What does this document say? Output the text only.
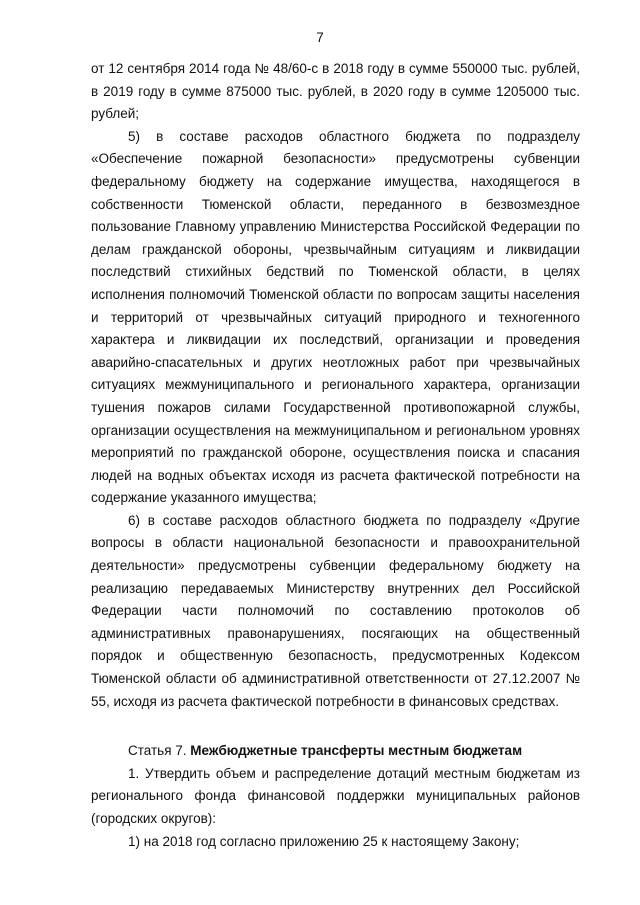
7

от 12 сентября 2014 года № 48/60-с в 2018 году в сумме 550000 тыс. рублей, в 2019 году в сумме 875000 тыс. рублей, в 2020 году в сумме 1205000 тыс. рублей;

5) в составе расходов областного бюджета по подразделу «Обеспечение пожарной безопасности» предусмотрены субвенции федеральному бюджету на содержание имущества, находящегося в собственности Тюменской области, переданного в безвозмездное пользование Главному управлению Министерства Российской Федерации по делам гражданской обороны, чрезвычайным ситуациям и ликвидации последствий стихийных бедствий по Тюменской области, в целях исполнения полномочий Тюменской области по вопросам защиты населения и территорий от чрезвычайных ситуаций природного и техногенного характера и ликвидации их последствий, организации и проведения аварийно-спасательных и других неотложных работ при чрезвычайных ситуациях межмуниципального и регионального характера, организации тушения пожаров силами Государственной противопожарной службы, организации осуществления на межмуниципальном и региональном уровнях мероприятий по гражданской обороне, осуществления поиска и спасания людей на водных объектах исходя из расчета фактической потребности на содержание указанного имущества;

6) в составе расходов областного бюджета по подразделу «Другие вопросы в области национальной безопасности и правоохранительной деятельности» предусмотрены субвенции федеральному бюджету на реализацию передаваемых Министерству внутренних дел Российской Федерации части полномочий по составлению протоколов об административных правонарушениях, посягающих на общественный порядок и общественную безопасность, предусмотренных Кодексом Тюменской области об административной ответственности от 27.12.2007 № 55, исходя из расчета фактической потребности в финансовых средствах.

Статья 7. Межбюджетные трансферты местным бюджетам

1. Утвердить объем и распределение дотаций местным бюджетам из регионального фонда финансовой поддержки муниципальных районов (городских округов):

1) на 2018 год согласно приложению 25 к настоящему Закону;
